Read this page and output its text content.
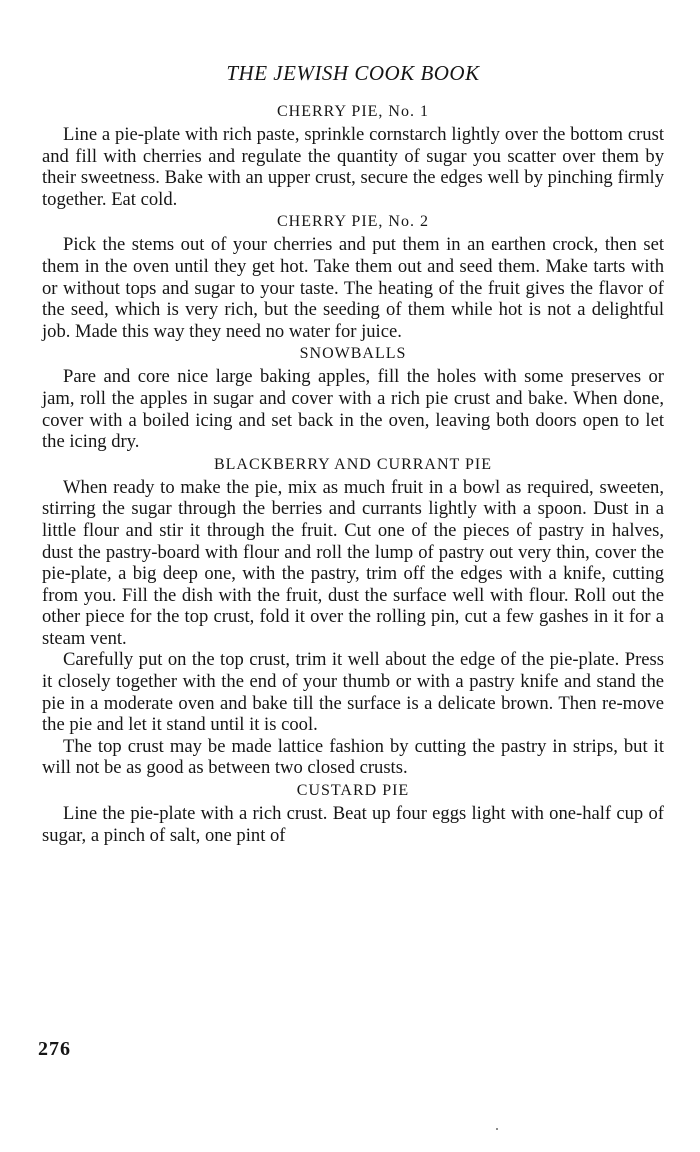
THE JEWISH COOK BOOK
CHERRY PIE, No. 1

Line a pie-plate with rich paste, sprinkle cornstarch lightly over the bottom crust and fill with cherries and regulate the quantity of sugar you scatter over them by their sweetness. Bake with an upper crust, secure the edges well by pinching firmly together. Eat cold.

CHERRY PIE, No. 2

Pick the stems out of your cherries and put them in an earthen crock, then set them in the oven until they get hot. Take them out and seed them. Make tarts with or without tops and sugar to your taste. The heating of the fruit gives the flavor of the seed, which is very rich, but the seeding of them while hot is not a delightful job. Made this way they need no water for juice.

SNOWBALLS

Pare and core nice large baking apples, fill the holes with some preserves or jam, roll the apples in sugar and cover with a rich pie crust and bake. When done, cover with a boiled icing and set back in the oven, leaving both doors open to let the icing dry.

BLACKBERRY AND CURRANT PIE

When ready to make the pie, mix as much fruit in a bowl as required, sweeten, stirring the sugar through the berries and currants lightly with a spoon. Dust in a little flour and stir it through the fruit. Cut one of the pieces of pastry in halves, dust the pastry-board with flour and roll the lump of pastry out very thin, cover the pie-plate, a big deep one, with the pastry, trim off the edges with a knife, cutting from you. Fill the dish with the fruit, dust the surface well with flour. Roll out the other piece for the top crust, fold it over the rolling pin, cut a few gashes in it for a steam vent.

Carefully put on the top crust, trim it well about the edge of the pie-plate. Press it closely together with the end of your thumb or with a pastry knife and stand the pie in a moderate oven and bake till the surface is a delicate brown. Then re-move the pie and let it stand until it is cool.

The top crust may be made lattice fashion by cutting the pastry in strips, but it will not be as good as between two closed crusts.

CUSTARD PIE

Line the pie-plate with a rich crust. Beat up four eggs light with one-half cup of sugar, a pinch of salt, one pint of

276
